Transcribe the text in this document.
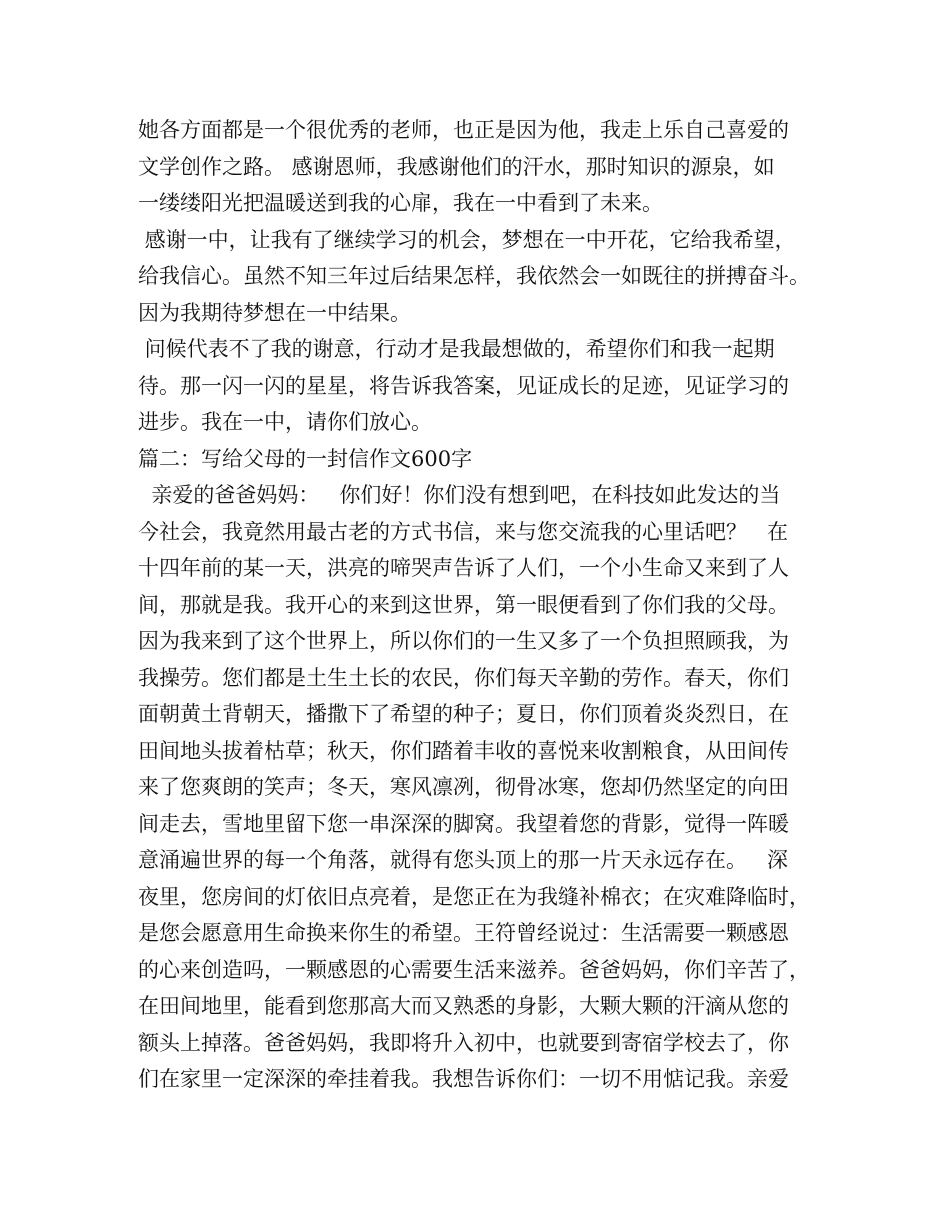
她各方面都是一个很优秀的老师，也正是因为他，我走上乐自己喜爱的
文学创作之路。 感谢恩师，我感谢他们的汗水，那时知识的源泉，如
一缕缕阳光把温暖送到我的心扉，我在一中看到了未来。
感谢一中，让我有了继续学习的机会，梦想在一中开花，它给我希望，
给我信心。虽然不知三年过后结果怎样，我依然会一如既往的拼搏奋斗。
因为我期待梦想在一中结果。
问候代表不了我的谢意，行动才是我最想做的，希望你们和我一起期
待。那一闪一闪的星星，将告诉我答案，见证成长的足迹，见证学习的
进步。我在一中，请你们放心。
篇二：写给父母的一封信作文600字
亲爱的爸爸妈妈：   你们好！你们没有想到吧，在科技如此发达的当
今社会，我竟然用最古老的方式书信，来与您交流我的心里话吧？   在
十四年前的某一天，洪亮的啼哭声告诉了人们，一个小生命又来到了人
间，那就是我。我开心的来到这世界，第一眼便看到了你们我的父母。
因为我来到了这个世界上，所以你们的一生又多了一个负担照顾我，为
我操劳。您们都是土生土长的农民，你们每天辛勤的劳作。春天，你们
面朝黄土背朝天，播撒下了希望的种子；夏日，你们顶着炎炎烈日，在
田间地头拔着枯草；秋天，你们踏着丰收的喜悦来收割粮食，从田间传
来了您爽朗的笑声；冬天，寒风凛冽，彻骨冰寒，您却仍然坚定的向田
间走去，雪地里留下您一串深深的脚窝。我望着您的背影，觉得一阵暖
意涌遍世界的每一个角落，就得有您头顶上的那一片天永远存在。   深
夜里，您房间的灯依旧点亮着，是您正在为我缝补棉衣；在灾难降临时，
是您会愿意用生命换来你生的希望。王符曾经说过：生活需要一颗感恩
的心来创造吗，一颗感恩的心需要生活来滋养。爸爸妈妈，你们辛苦了，
在田间地里，能看到您那高大而又熟悉的身影，大颗大颗的汗滴从您的
额头上掉落。爸爸妈妈，我即将升入初中，也就要到寄宿学校去了，你
们在家里一定深深的牵挂着我。我想告诉你们：一切不用惦记我。亲爱
